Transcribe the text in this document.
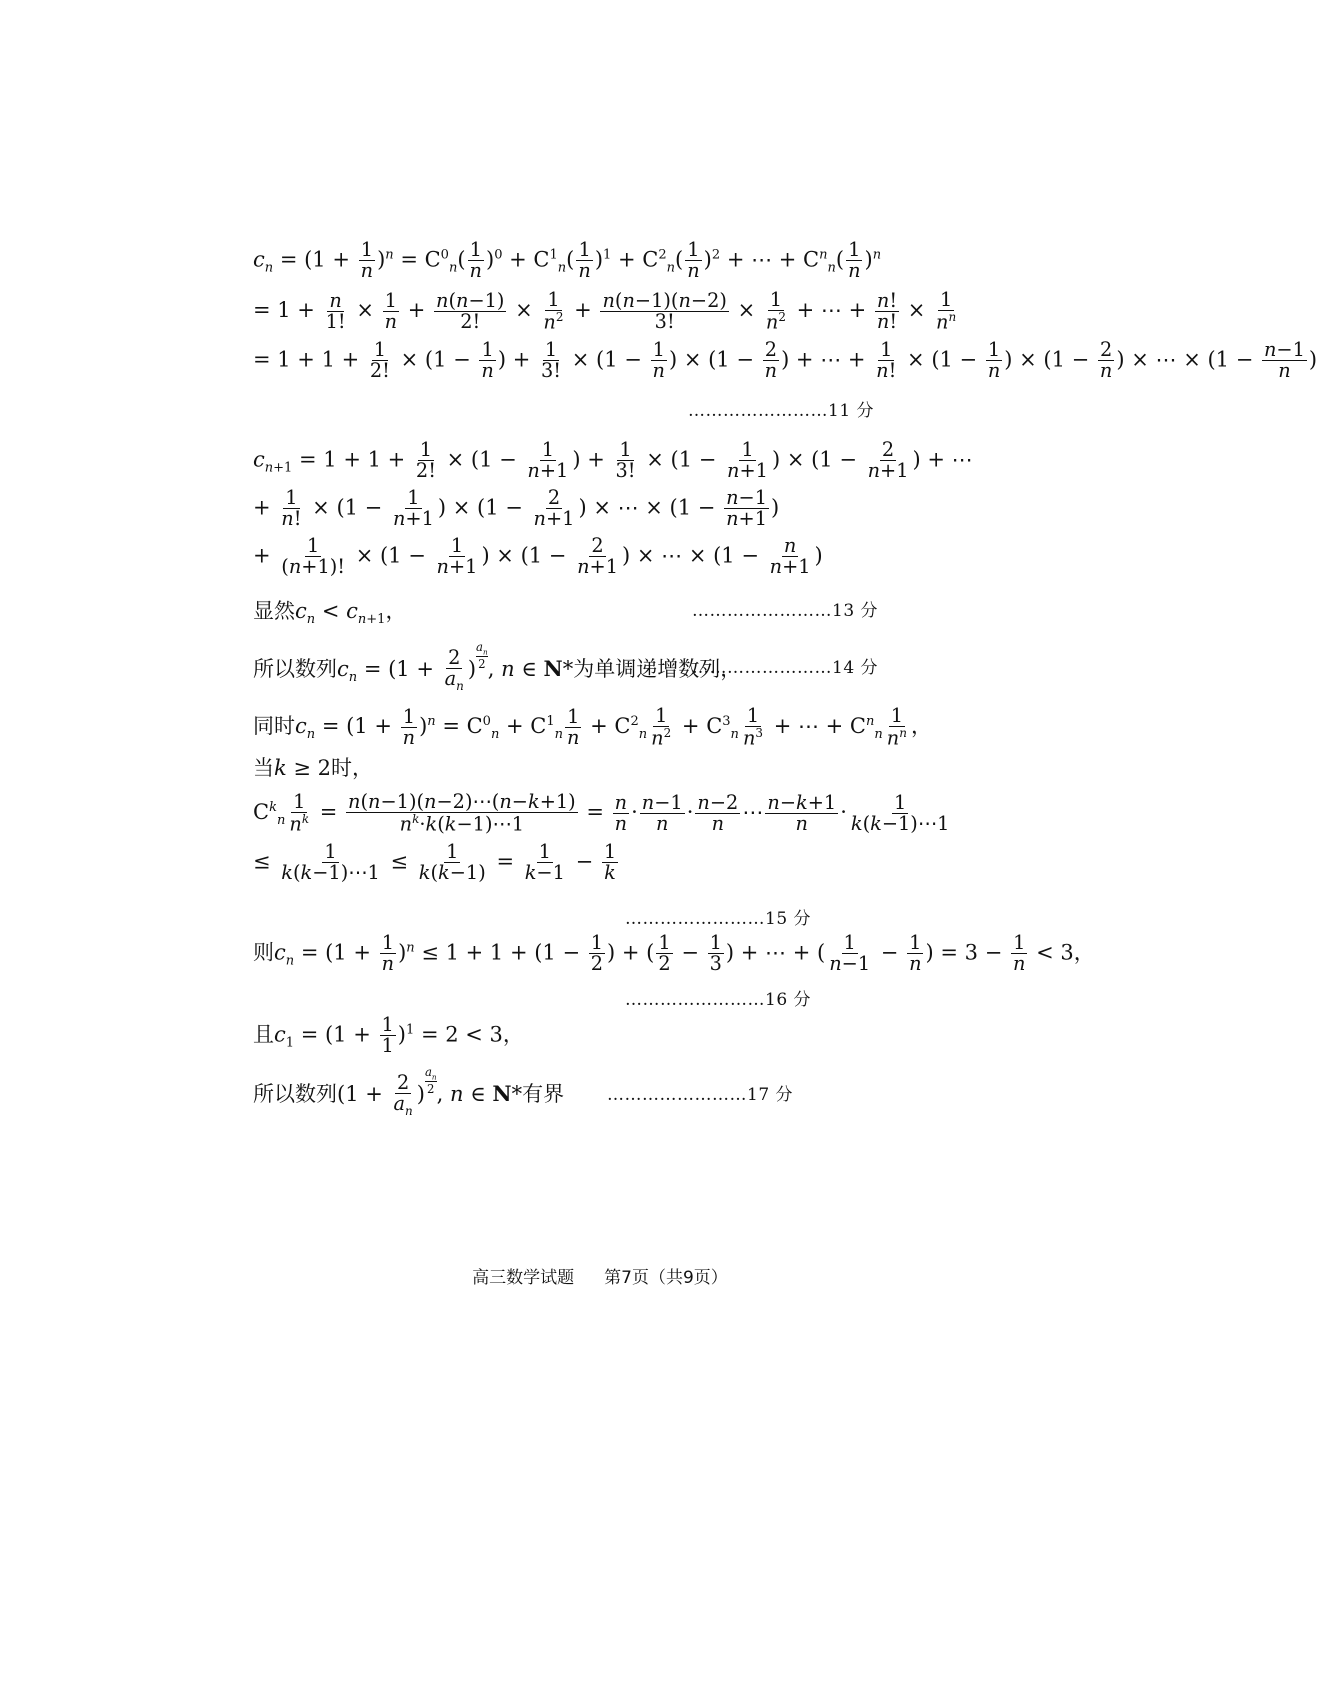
$c_n = (1 + \frac{1}{n} )^n = C^0_n( \frac{1}{n} )^0 + C^1_n( \frac{1}{n} )^1 + C^2_n( \frac{1}{n} )^2$ + ⋯ + $C^n_n( \frac{1}{n} )^n$
= $1 + \frac{n}{1!} \times \frac{1}{n} + \frac{n(n-1)}{2!} \times \frac{1}{n^2} + \frac{n(n-1)(n-2)}{3!} \times \frac{1}{n^2}$ + ⋯ + $\frac{n!}{n!} \times \frac{1}{n^n}$
= $1 + 1 + \frac{1}{2!} \times (1 - \frac{1}{n}$ ) + $\frac{1}{3!} \times (1 - \frac{1}{n}$ ) × ($1 - \frac{2}{n}$ ) + ⋯ + $\frac{1}{n!} \times (1 - \frac{1}{n}$ ) × ($1 - \frac{2}{n}$ ) × ⋯ × ($1 - \frac{n-1}{n}$ )
……………………11 分
$c_{n+1} = 1 + 1 + \frac{1}{2!} \times (1 - \frac{1}{n+1}$ ) + $\frac{1}{3!} \times (1 - \frac{1}{n+1}$ ) × ($1 - \frac{2}{n+1}$ ) + ⋯
+ $\frac{1}{n!} \times (1 - \frac{1}{n+1}$ ) × ($1 - \frac{2}{n+1}$ ) × ⋯ × ($1 - \frac{n-1}{n+1}$ )
+ $\frac{1}{(n+1)!} \times (1 - \frac{1}{n+1}$ ) × ($1 - \frac{2}{n+1}$ ) × ⋯ × ($1 - \frac{n}{n+1}$ )
显然$c_n < c_{n+1}$，	……………………13 分
所以数列$c_n = (1 + \frac{2}{a_n}$ ) $^{\frac{a_n}{2}}$ , n ∈ N*为单调递增数列，
……………………14 分
同时$c_n = (1 + \frac{1}{n} )^n = C^0_n + C^1_n \frac{1}{n} + C^2_n \frac{1}{n^2} + C^3_n \frac{1}{n^3}$ + ⋯ + $C^n_n \frac{1}{n^n}$ ，
当k ≥ 2时，
$C^k_n \frac{1}{n^k} = \frac{n(n-1)(n-2)\cdots(n-k+1)}{n^k\cdot k(k-1)\cdots 1} = \frac{n}{n} \cdot \frac{n-1}{n} \cdot \frac{n-2}{n}$ ⋯ $\frac{n-k+1}{n} \cdot \frac{1}{k(k-1)\cdots 1}$
≤ $\frac{1}{k(k-1)\cdots 1} \le \frac{1}{k(k-1)} = \frac{1}{k-1} - \frac{1}{k}$
……………………15 分
则$c_n = (1 + \frac{1}{n} )^n \le 1 + 1 + (1 - \frac{1}{2}$ ) + ( $\frac{1}{2} - \frac{1}{3}$ ) + ⋯ + ( $\frac{1}{n-1} - \frac{1}{n}$ ) = $3 - \frac{1}{n} < 3$，
……………………16 分
且$c_1 = (1 + \frac{1}{1} )^1 = 2 < 3$，
所以数列($1 + \frac{2}{a_n}$ ) $^{\frac{a_n}{2}}$ , n ∈ N*有界	……………………17 分
高三数学试题 第7页（共9页）
